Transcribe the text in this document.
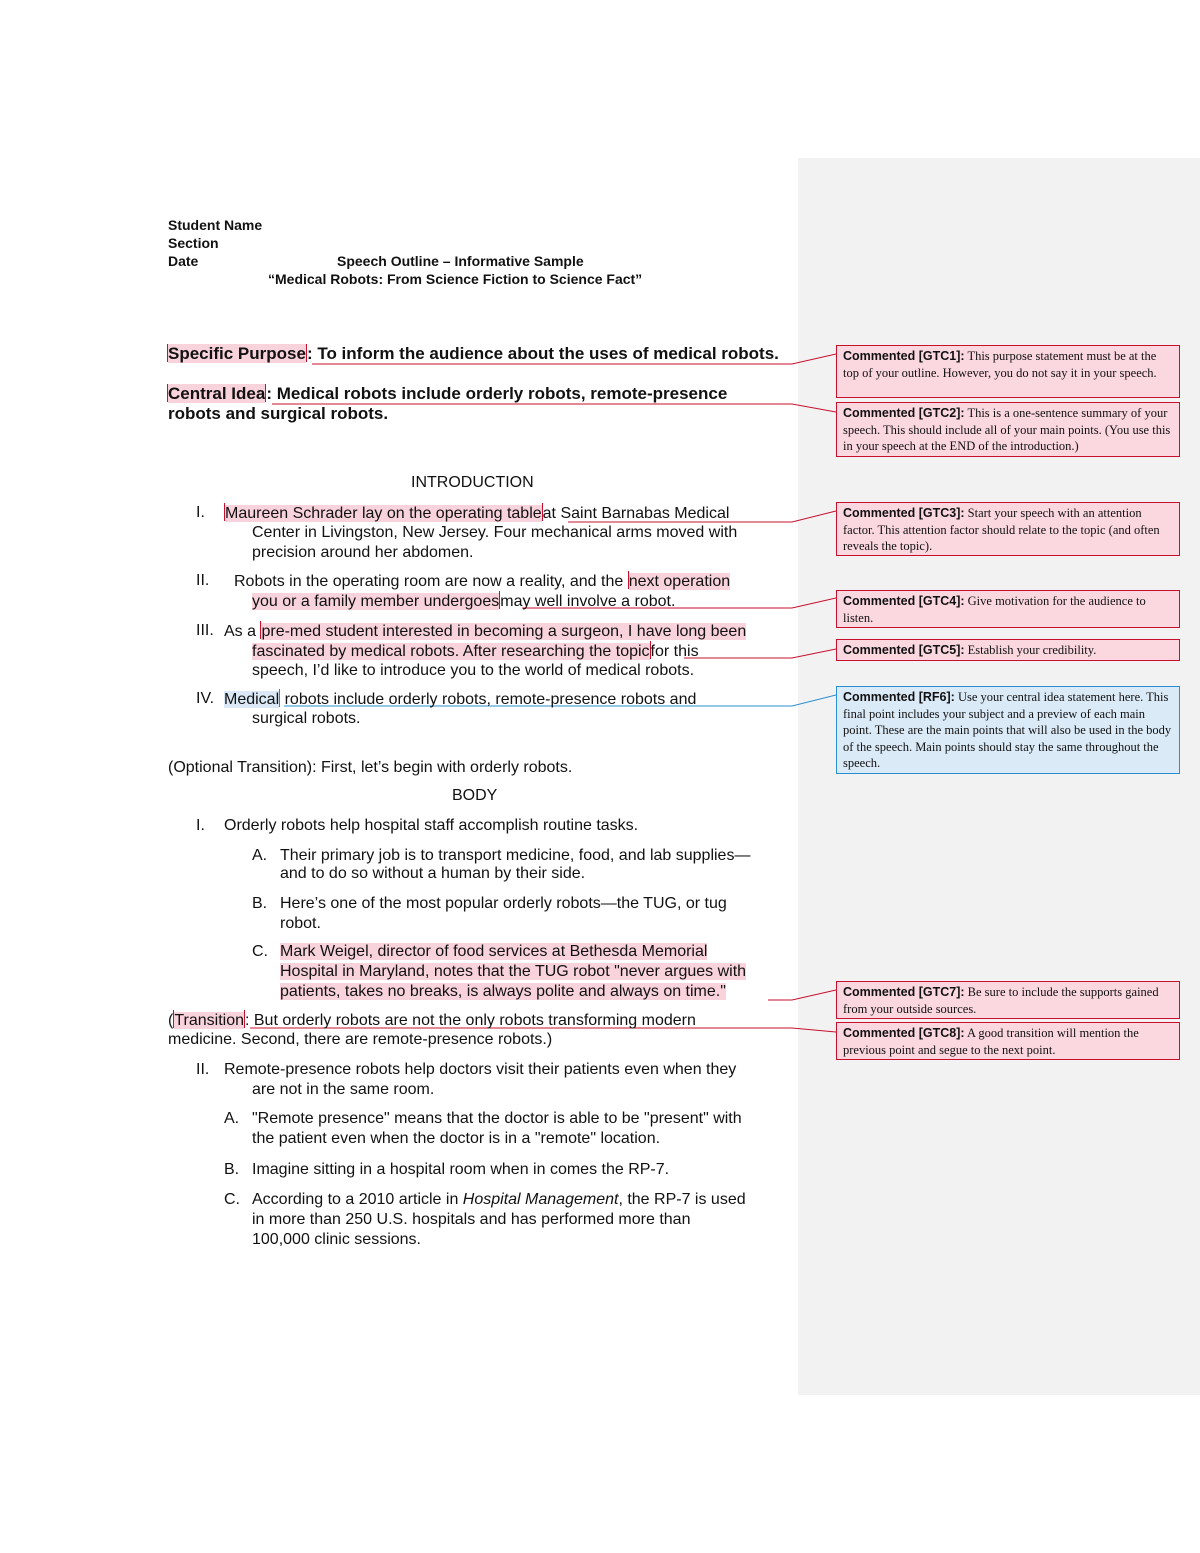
Student Name
Section
Date	Speech Outline – Informative Sample
“Medical Robots: From Science Fiction to Science Fact”
Specific Purpose: To inform the audience about the uses of medical robots.
Central Idea: Medical robots include orderly robots, remote-presence
robots and surgical robots.
INTRODUCTION
I. Maureen Schrader lay on the operating tableat Saint Barnabas Medical
Center in Livingston, New Jersey. Four mechanical arms moved with
precision around her abdomen.
II. Robots in the operating room are now a reality, and the next operation
you or a family member undergoesmay well involve a robot.
III. As a pre-med student interested in becoming a surgeon, I have long been
fascinated by medical robots. After researching the topicfor this
speech, I’d like to introduce you to the world of medical robots.
IV. Medical robots include orderly robots, remote-presence robots and
surgical robots.
(Optional Transition): First, let’s begin with orderly robots.
BODY
I. Orderly robots help hospital staff accomplish routine tasks.
A. Their primary job is to transport medicine, food, and lab supplies—
and to do so without a human by their side.
B. Here’s one of the most popular orderly robots—the TUG, or tug
robot.
C. Mark Weigel, director of food services at Bethesda Memorial
Hospital in Maryland, notes that the TUG robot "never argues with
patients, takes no breaks, is always polite and always on time."
(Transition: But orderly robots are not the only robots transforming modern
medicine. Second, there are remote-presence robots.)
II. Remote-presence robots help doctors visit their patients even when they
are not in the same room.
A. "Remote presence" means that the doctor is able to be "present" with
the patient even when the doctor is in a "remote" location.
B. Imagine sitting in a hospital room when in comes the RP-7.
C. According to a 2010 article in Hospital Management, the RP-7 is used
in more than 250 U.S. hospitals and has performed more than
100,000 clinic sessions.
Commented [GTC1]: This purpose statement must be at the top of your outline. However, you do not say it in your speech.
Commented [GTC2]: This is a one-sentence summary of your speech. This should include all of your main points. (You use this in your speech at the END of the introduction.)
Commented [GTC3]: Start your speech with an attention factor. This attention factor should relate to the topic (and often reveals the topic).
Commented [GTC4]: Give motivation for the audience to listen.
Commented [GTC5]: Establish your credibility.
Commented [RF6]: Use your central idea statement here. This final point includes your subject and a preview of each main point. These are the main points that will also be used in the body of the speech. Main points should stay the same throughout the speech.
Commented [GTC7]: Be sure to include the supports gained from your outside sources.
Commented [GTC8]: A good transition will mention the previous point and segue to the next point.
